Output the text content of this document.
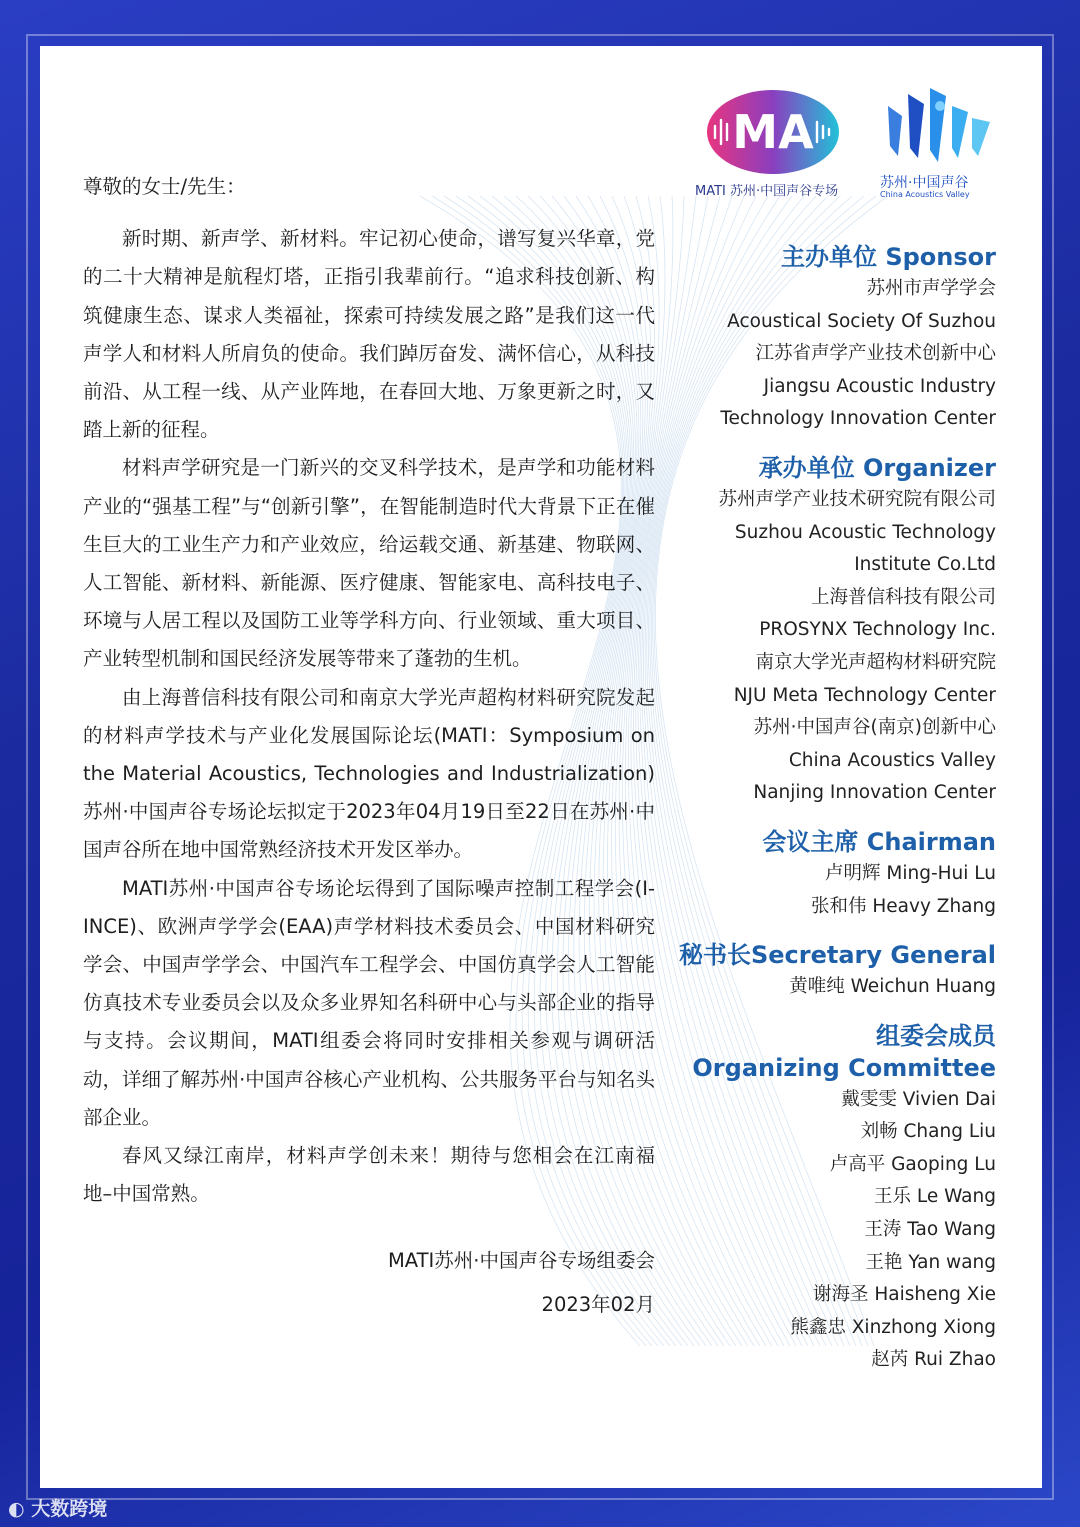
MA
MATI 苏州·中国声谷专场
苏州·中国声谷
China Acoustics Valley

尊敬的女士/先生：

新时期、新声学、新材料。牢记初心使命，谱写复兴华章，党的二十大精神是航程灯塔，正指引我辈前行。“追求科技创新、构筑健康生态、谋求人类福祉，探索可持续发展之路”是我们这一代声学人和材料人所肩负的使命。我们踔厉奋发、满怀信心，从科技前沿、从工程一线、从产业阵地，在春回大地、万象更新之时，又踏上新的征程。

材料声学研究是一门新兴的交叉科学技术，是声学和功能材料产业的“强基工程”与“创新引擎”，在智能制造时代大背景下正在催生巨大的工业生产力和产业效应，给运载交通、新基建、物联网、人工智能、新材料、新能源、医疗健康、智能家电、高科技电子、环境与人居工程以及国防工业等学科方向、行业领域、重大项目、产业转型机制和国民经济发展等带来了蓬勃的生机。

由上海普信科技有限公司和南京大学光声超构材料研究院发起的材料声学技术与产业化发展国际论坛(MATI：Symposium on the Material Acoustics, Technologies and Industrialization) 苏州·中国声谷专场论坛拟定于2023年04月19日至22日在苏州·中国声谷所在地中国常熟经济技术开发区举办。

MATI苏州·中国声谷专场论坛得到了国际噪声控制工程学会(I-INCE)、欧洲声学学会(EAA)声学材料技术委员会、中国材料研究学会、中国声学学会、中国汽车工程学会、中国仿真学会人工智能仿真技术专业委员会以及众多业界知名科研中心与头部企业的指导与支持。会议期间，MATI组委会将同时安排相关参观与调研活动，详细了解苏州·中国声谷核心产业机构、公共服务平台与知名头部企业。

春风又绿江南岸，材料声学创未来！期待与您相会在江南福地–中国常熟。

MATI苏州·中国声谷专场组委会
2023年02月
主办单位 Sponsor
苏州市声学学会
Acoustical Society Of Suzhou
江苏省声学产业技术创新中心
Jiangsu Acoustic Industry
Technology Innovation Center
承办单位 Organizer
苏州声学产业技术研究院有限公司
Suzhou Acoustic Technology
Institute Co.Ltd
上海普信科技有限公司
PROSYNX Technology Inc.
南京大学光声超构材料研究院
NJU Meta Technology Center
苏州·中国声谷(南京)创新中心
China Acoustics Valley
Nanjing Innovation Center
会议主席 Chairman
卢明辉 Ming-Hui Lu
张和伟 Heavy Zhang
秘书长Secretary General
黄唯纯 Weichun Huang
组委会成员
Organizing Committee
戴雯雯 Vivien Dai
刘畅 Chang Liu
卢高平 Gaoping Lu
王乐 Le Wang
王涛 Tao Wang
王艳 Yan wang
谢海圣 Haisheng Xie
熊鑫忠 Xinzhong Xiong
赵芮 Rui Zhao
◐ 大数跨境
